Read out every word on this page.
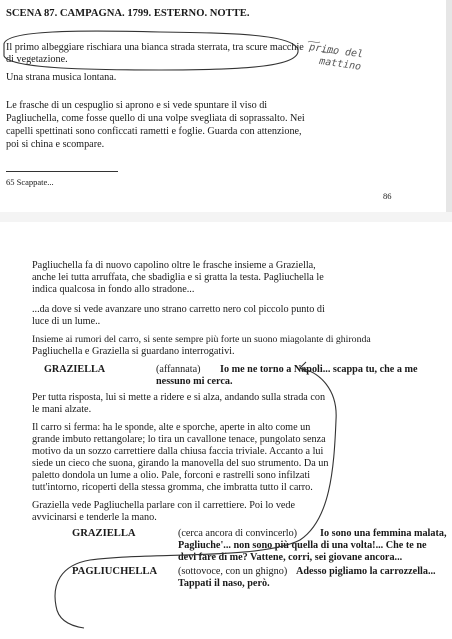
SCENA 87. CAMPAGNA. 1799. ESTERNO. NOTTE.
Il primo albeggiare rischiara una bianca strada sterrata, tra scure macchie
di vegetazione.
Una strana musica lontana.
Le frasche di un cespuglio si aprono e si vede spuntare il viso di
Pagliuchella, come fosse quello di una volpe svegliata di soprassalto. Nei
capelli spettinati sono conficcati rametti e foglie. Guarda con attenzione,
poi si china e scompare.
65 Scappate...
86
primo del
mattino
Pagliuchella fa di nuovo capolino oltre le frasche insieme a Graziella,
anche lei tutta arruffata, che sbadiglia e si gratta la testa. Pagliuchella le
indica qualcosa in fondo allo stradone...
...da dove si vede avanzare uno strano carretto nero col piccolo punto di
luce di un lume..
Insieme ai rumori del carro, si sente sempre più forte un suono miagolante di ghironda
Pagliuchella e Graziella si guardano interrogativi.
GRAZIELLA	(affannata) Io me ne torno a Napoli... scappa tu, che a me
nessuno mi cerca.
Per tutta risposta, lui si mette a ridere e si alza, andando sulla strada con
le mani alzate.
Il carro si ferma: ha le sponde, alte e sporche, aperte in alto come un
grande imbuto rettangolare; lo tira un cavallone tenace, pungolato senza
motivo da un sozzo carrettiere dalla chiusa faccia triviale. Accanto a lui
siede un cieco che suona, girando la manovella del suo strumento. Da un
paletto dondola un lume a olio. Pale, forconi e rastrelli sono infilzati
tutt'intorno, ricoperti della stessa gromma, che imbratta tutto il carro.
Graziella vede Pagliuchella parlare con il carrettiere. Poi lo vede
avvicinarsi e tenderle la mano.
GRAZIELLA	(cerca ancora di convincerlo) Io sono una femmina malata,
Pagliuche'... non sono più quella di una volta!... Che te ne
devi fare di me? Vattene, corri, sei giovane ancora...
PAGLIUCHELLA (sottovoce, con un ghigno) Adesso pigliamo la carrozzella...
Tappati il naso, però.
